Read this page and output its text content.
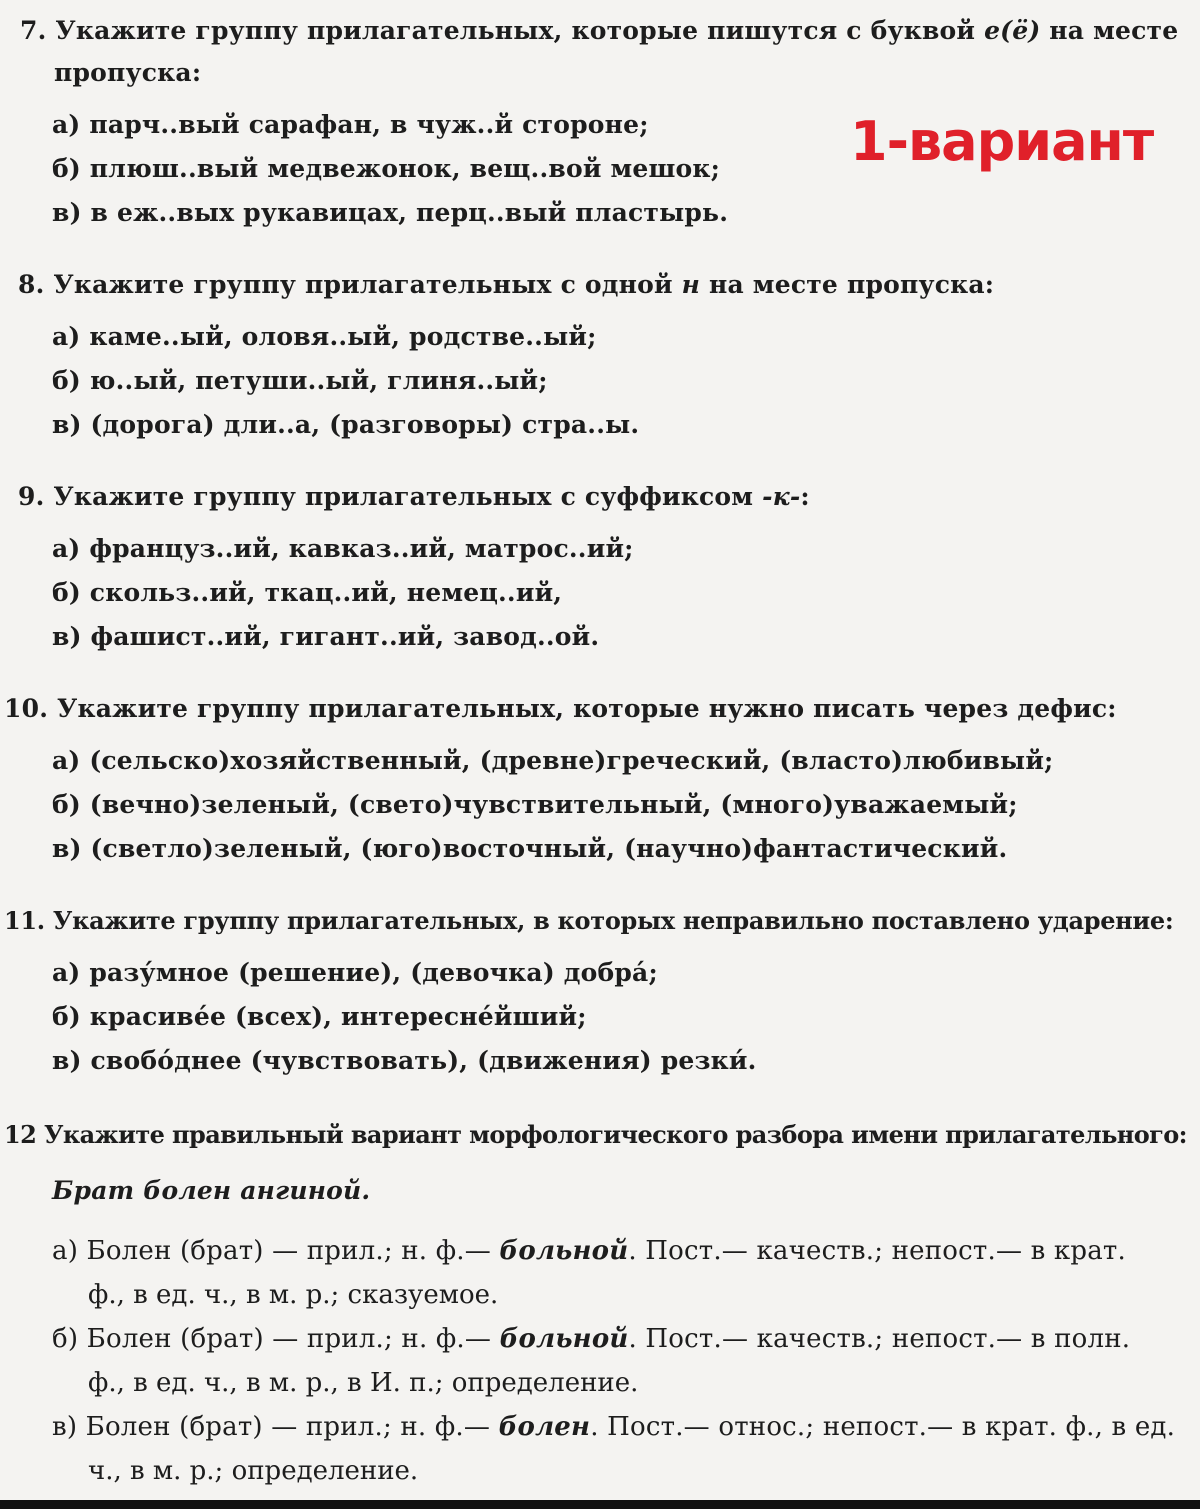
1-вариант
7. Укажите группу прилагательных, которые пишутся с буквой е(ё) на месте
пропуска:
а) парч..вый сарафан, в чуж..й стороне;
б) плюш..вый медвежонок, вещ..вой мешок;
в) в еж..вых рукавицах, перц..вый пластырь.
8. Укажите группу прилагательных с одной н на месте пропуска:
а) каме..ый, оловя..ый, родстве..ый;
б) ю..ый, петуши..ый, глиня..ый;
в) (дорога) дли..а, (разговоры) стра..ы.
9. Укажите группу прилагательных с суффиксом -к-:
а) француз..ий, кавказ..ий, матрос..ий;
б) скольз..ий, ткац..ий, немец..ий,
в) фашист..ий, гигант..ий, завод..ой.
10. Укажите группу прилагательных, которые нужно писать через дефис:
а) (сельско)хозяйственный, (древне)греческий, (власто)любивый;
б) (вечно)зеленый, (свето)чувствительный, (много)уважаемый;
в) (светло)зеленый, (юго)восточный, (научно)фантастический.
11. Укажите группу прилагательных, в которых неправильно поставлено ударение:
а) разу́мное (решение), (девочка) добра́;
б) красиве́е (всех), интересне́йший;
в) свобо́днее (чувствовать), (движения) резки́.
12 Укажите правильный вариант морфологического разбора имени прилагательного:
Брат болен ангиной.
а) Болен (брат) — прил.; н. ф.— больной. Пост.— качеств.; непост.— в крат.
ф., в ед. ч., в м. р.; сказуемое.
б) Болен (брат) — прил.; н. ф.— больной. Пост.— качеств.; непост.— в полн.
ф., в ед. ч., в м. р., в И. п.; определение.
в) Болен (брат) — прил.; н. ф.— болен. Пост.— относ.; непост.— в крат. ф., в ед.
ч., в м. р.; определение.
